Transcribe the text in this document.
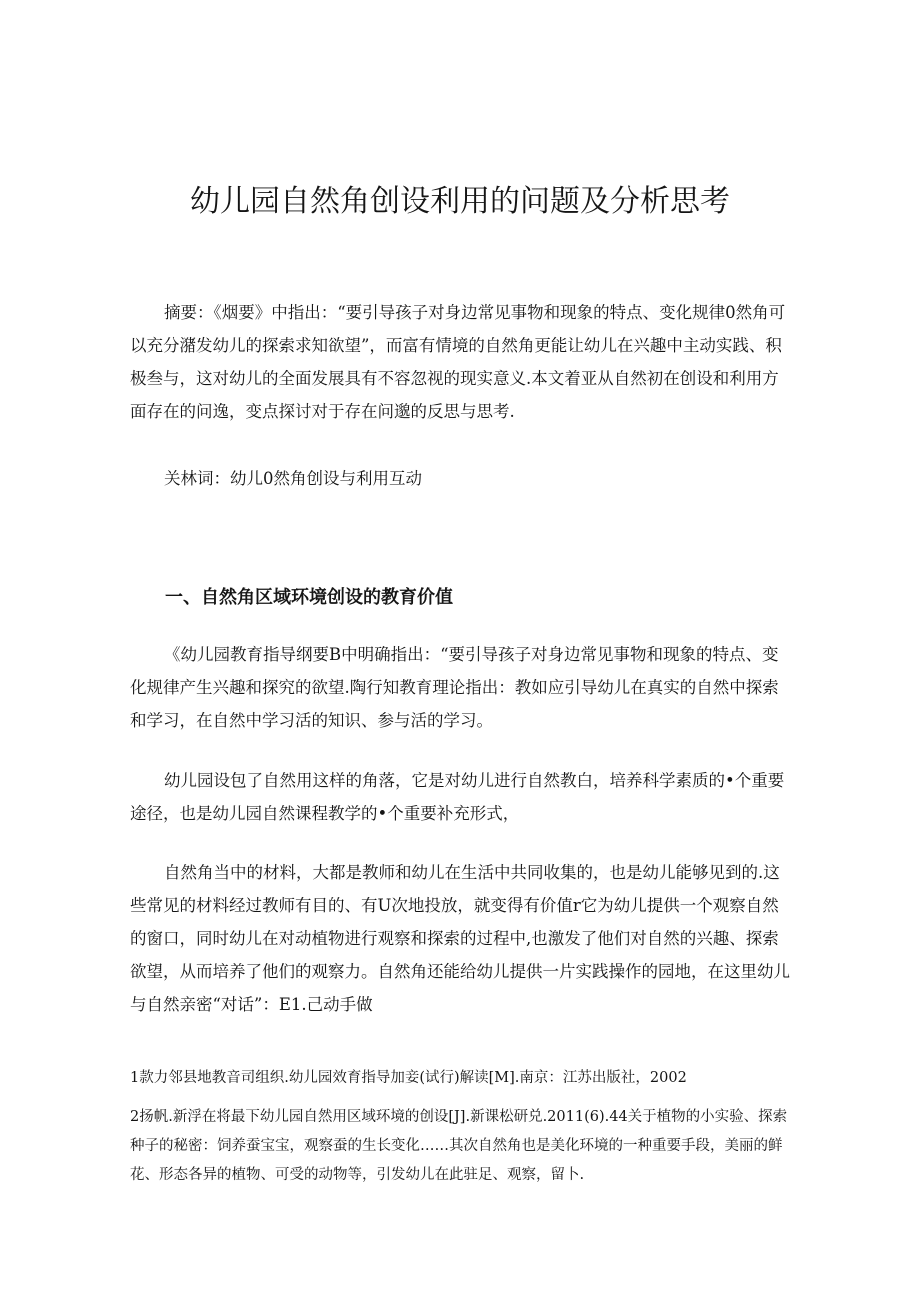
幼儿园自然角创设利用的问题及分析思考

摘要：《烟要》中指出：“要引导孩子对身边常见事物和现象的特点、变化规律0然角可以充分潴发幼儿的探索求知欲望”，而富有情境的自然角更能让幼儿在兴趣中主动实践、积极叁与，这对幼儿的全面发展具有不容忽视的现实意义.本文着亚从自然初在创设和利用方面存在的问逸，变点探讨对于存在问邈的反思与思考.

关林词：幼儿0然角创设与利用互动

一、自然角区域环境创设的教育价值

《幼儿园教育指导纲要B中明确指出：“要引导孩子对身边常见事物和现象的特点、变化规律产生兴趣和探究的欲望.陶行知教育理论指出：教如应引导幼儿在真实的自然中探索和学习，在自然中学习活的知识、参与活的学习。

幼儿园设包了自然用这样的角落，它是对幼儿进行自然教白，培养科学素质的•个重要途径，也是幼儿园自然课程教学的•个重要补充形式，

自然角当中的材料，大都是教师和幼儿在生活中共同收集的，也是幼儿能够见到的.这些常见的材料经过教师有目的、有U次地投放，就变得有价值r它为幼儿提供一个观察自然的窗口，同时幼儿在对动植物进行观察和探索的过程中,也激发了他们对自然的兴趣、探索欲望，从而培养了他们的观察力。自然角还能给幼儿提供一片实践操作的园地，在这里幼儿与自然亲密“对话”：E1.己动手做

1款力邻县地教音司组织.幼儿园效育指导加妾(试行)解读[M].南京：江苏出版社，2002

2扬帆.新浮在将最下幼儿园自然用区域环境的创设[J].新课松研兑.2011(6).44关于植物的小实验、探索种子的秘密：饲养蚕宝宝，观察蚕的生长变化……其次自然角也是美化环境的一种重要手段，美丽的鲜花、形态各异的植物、可受的动物等，引发幼儿在此驻足、观察，留卜.
